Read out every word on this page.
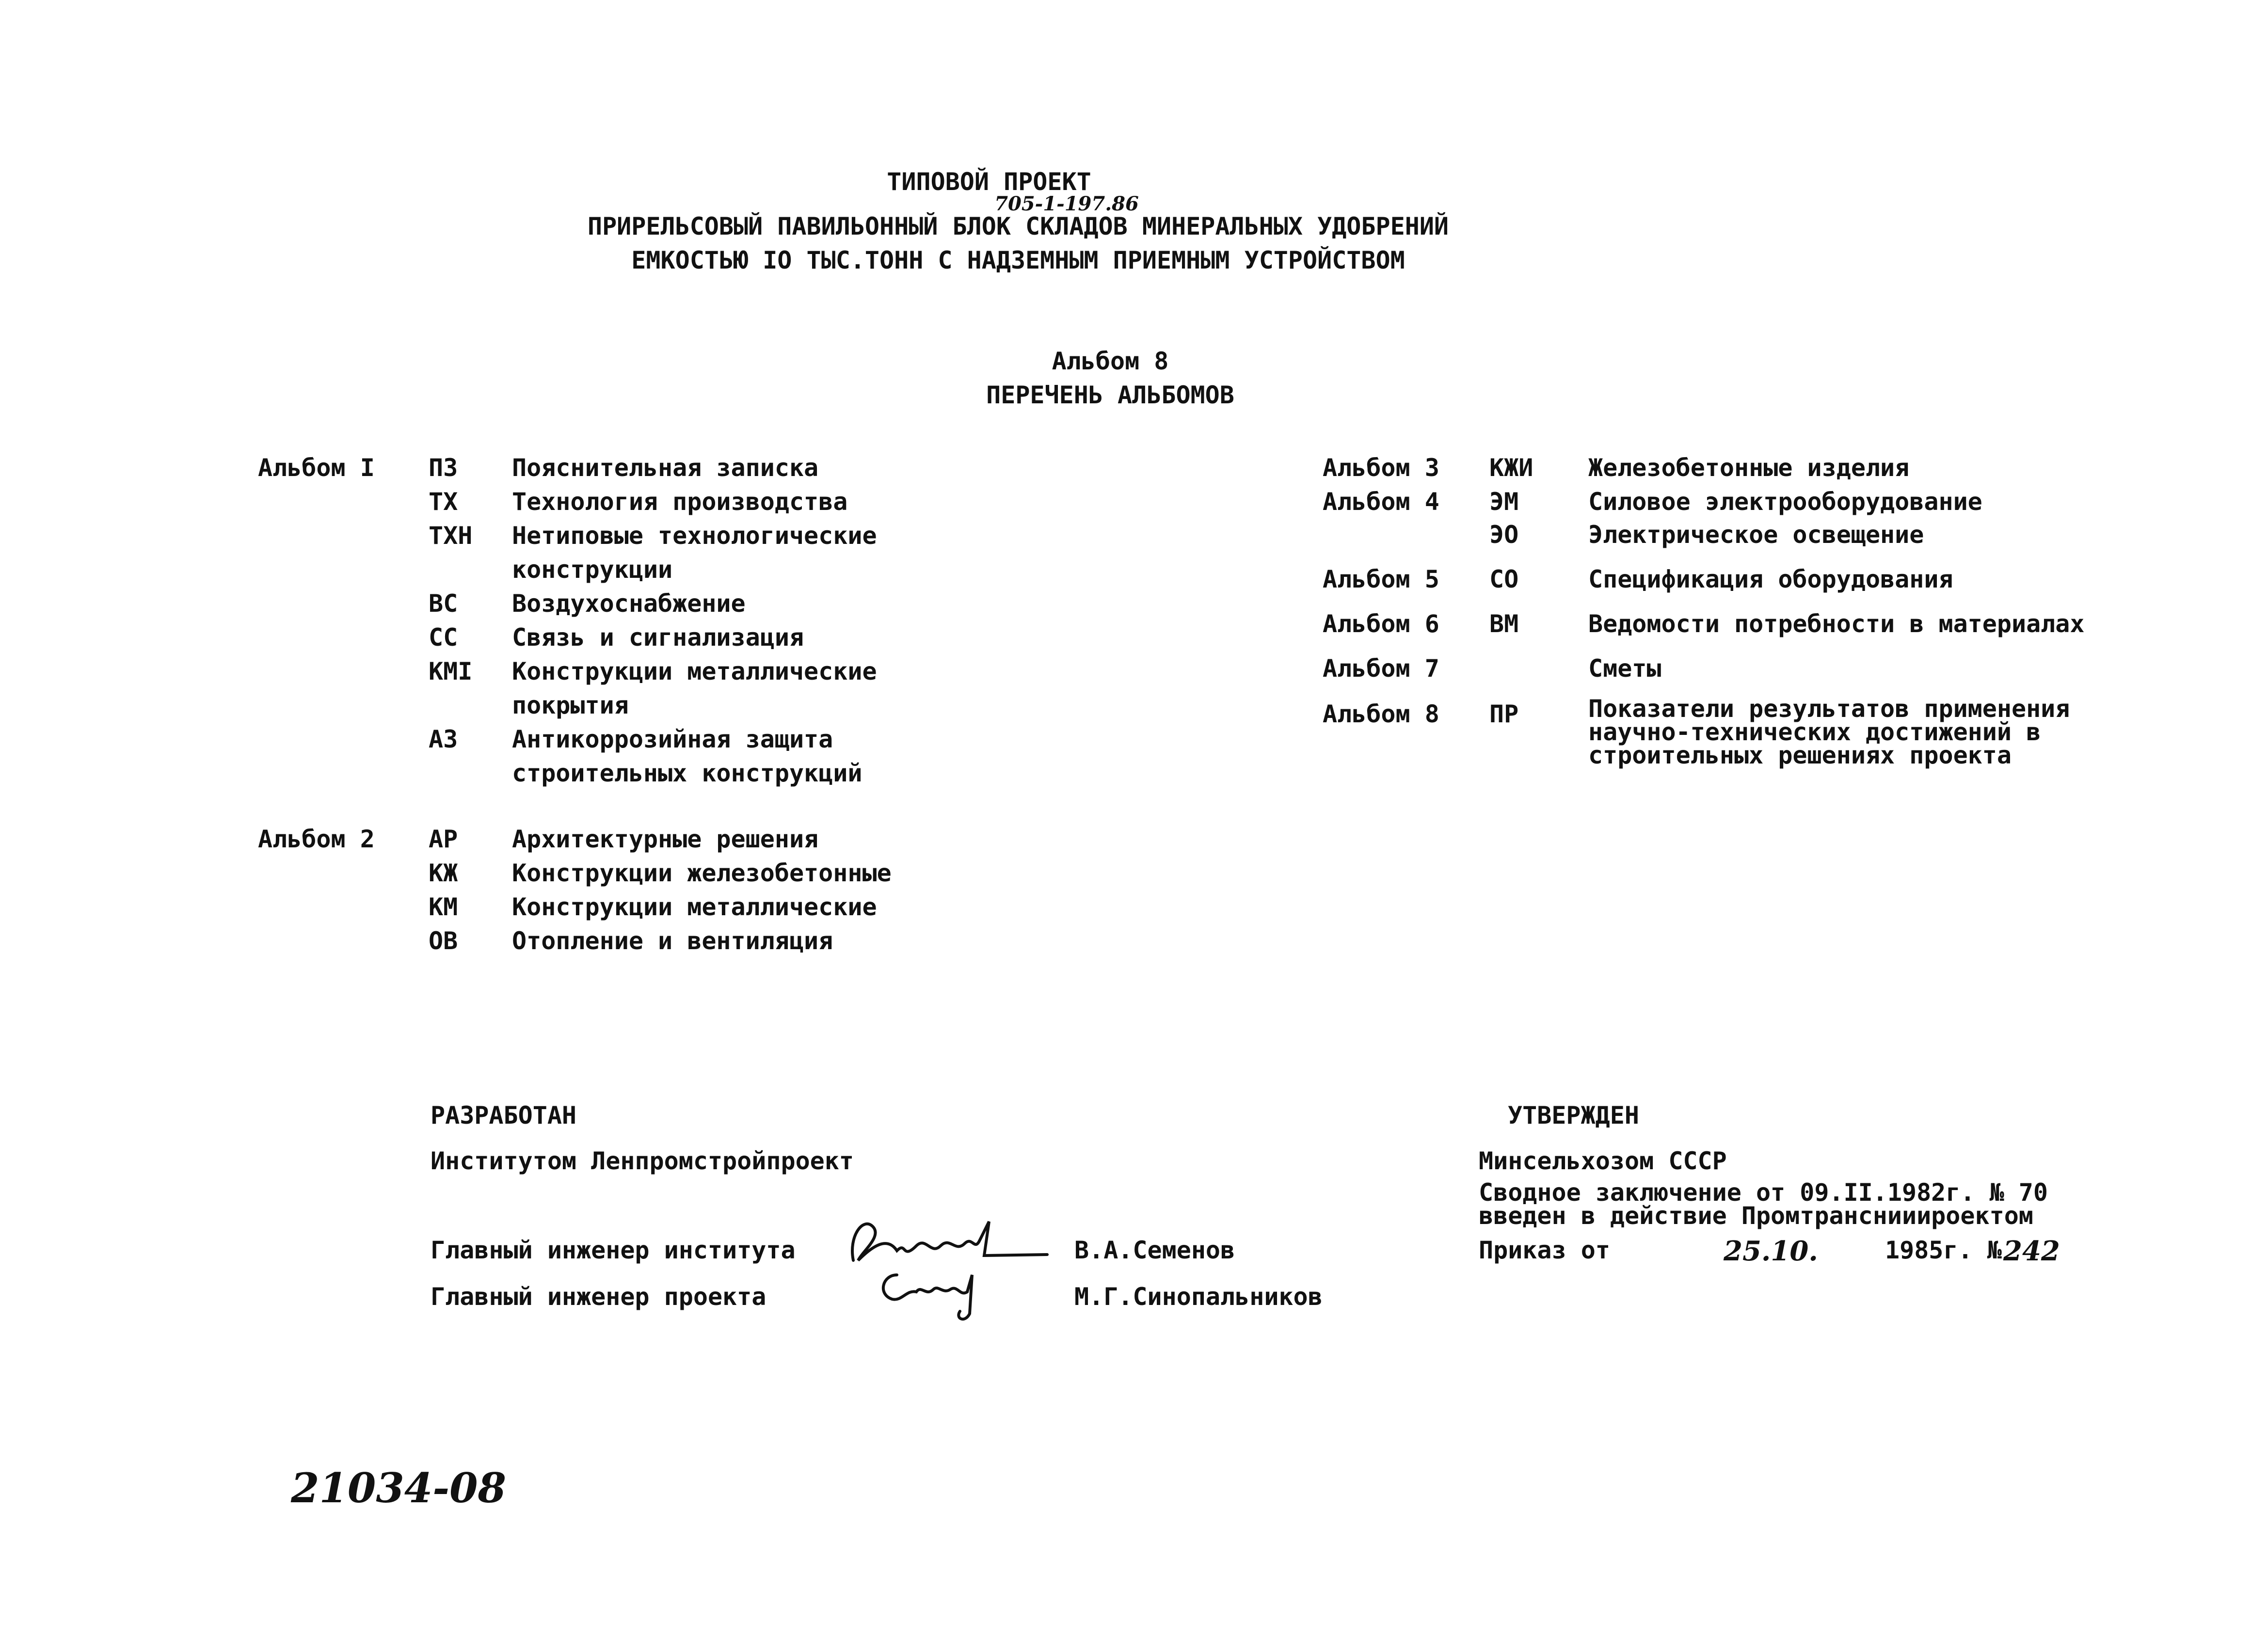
ТИПОВОЙ ПРОЕКТ
705-1-197.86
ПРИРЕЛЬСОВЫЙ ПАВИЛЬОННЫЙ БЛОК СКЛАДОВ МИНЕРАЛЬНЫХ УДОБРЕНИЙ
ЕМКОСТЬЮ IO ТЫС.ТОНН С НАДЗЕМНЫМ ПРИЕМНЫМ УСТРОЙСТВОМ
Альбом 8
ПЕРЕЧЕНЬ АЛЬБОМОВ
Альбом I ПЗ Пояснительная записка
ТХ Технология производства
ТХН Нетиповые технологические
конструкции
ВС Воздухоснабжение
СС Связь и сигнализация
КМI Конструкции металлические
покрытия
АЗ Антикоррозийная защита
строительных конструкций
Альбом 2 АР Архитектурные решения
КЖ Конструкции железобетонные
КМ Конструкции металлические
ОВ Отопление и вентиляция
Альбом 3 КЖИ Железобетонные изделия
Альбом 4 ЭМ	Силовое электрооборудование
ЭО	Электрическое освещение
Альбом 5 СО	Спецификация оборудования
Альбом 6 ВМ	Ведомости потребности в материалах
Альбом 7	Сметы
Альбом 8 ПР	Показатели результатов применения
научно-технических достижений в
строительных решениях проекта
РАЗРАБОТАН
Институтом Ленпромстройпроект
Главный инженер института	В.А.Семенов
Главный инженер проекта	М.Г.Синопальников
УТВЕРЖДЕН
Минсельхозом СССР
Сводное заключение от 09.II.1982г. № 70
введен в действие Промтранснииироектом
Приказ от	25.10.	1985г. № 242
21034-08
